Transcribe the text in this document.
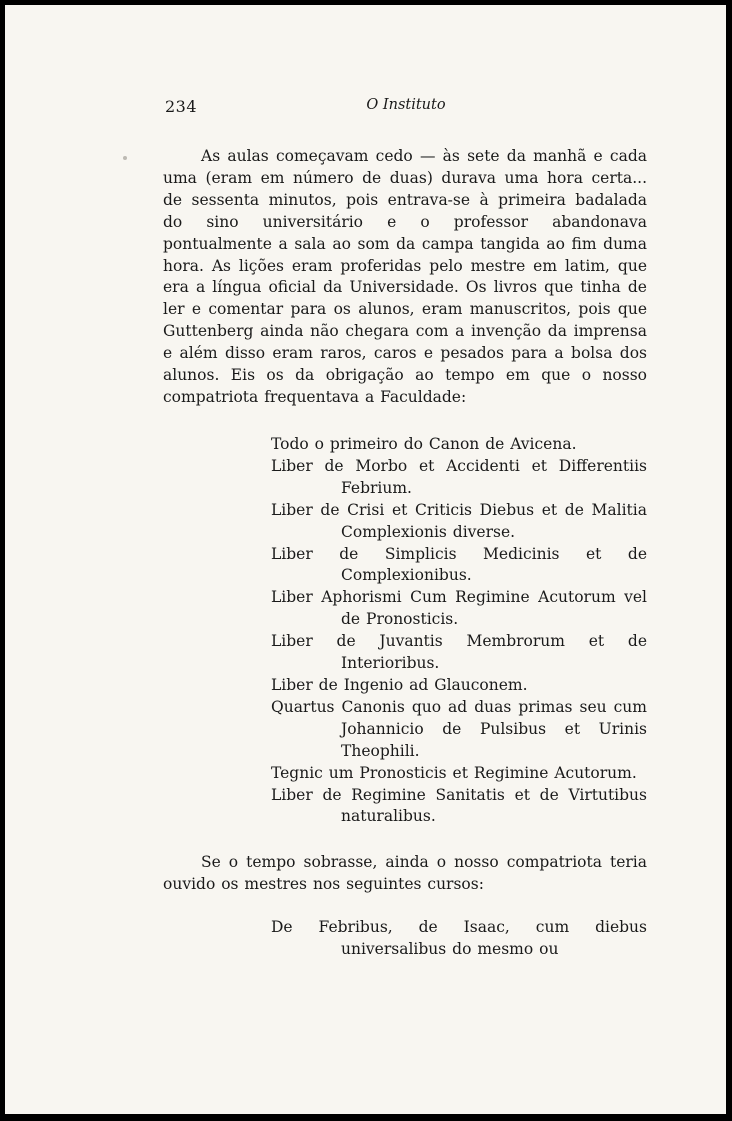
234	O Instituto

As aulas começavam cedo — às sete da manhã e cada uma (eram em número de duas) durava uma hora certa... de sessenta minutos, pois entrava-se à primeira badalada do sino universitário e o professor abandonava pontualmente a sala ao som da campa tangida ao fim duma hora. As lições eram proferidas pelo mestre em latim, que era a língua oficial da Universidade. Os livros que tinha de ler e comentar para os alunos, eram manuscritos, pois que Guttenberg ainda não chegara com a invenção da imprensa e além disso eram raros, caros e pesados para a bolsa dos alunos. Eis os da obrigação ao tempo em que o nosso compatriota frequentava a Faculdade:

Todo o primeiro do Canon de Avicena.
Liber de Morbo et Accidenti et Differentiis Febrium.
Liber de Crisi et Criticis Diebus et de Malitia Complexionis diverse.
Liber de Simplicis Medicinis et de Complexionibus.
Liber Aphorismi Cum Regimine Acutorum vel de Pronosticis.
Liber de Juvantis Membrorum et de Interioribus.
Liber de Ingenio ad Glauconem.
Quartus Canonis quo ad duas primas seu cum Johannicio de Pulsibus et Urinis Theophili.
Tegnic um Pronosticis et Regimine Acutorum.
Liber de Regimine Sanitatis et de Virtutibus naturalibus.

Se o tempo sobrasse, ainda o nosso compatriota teria ouvido os mestres nos seguintes cursos:

De Febribus, de Isaac, cum diebus universalibus do mesmo ou
